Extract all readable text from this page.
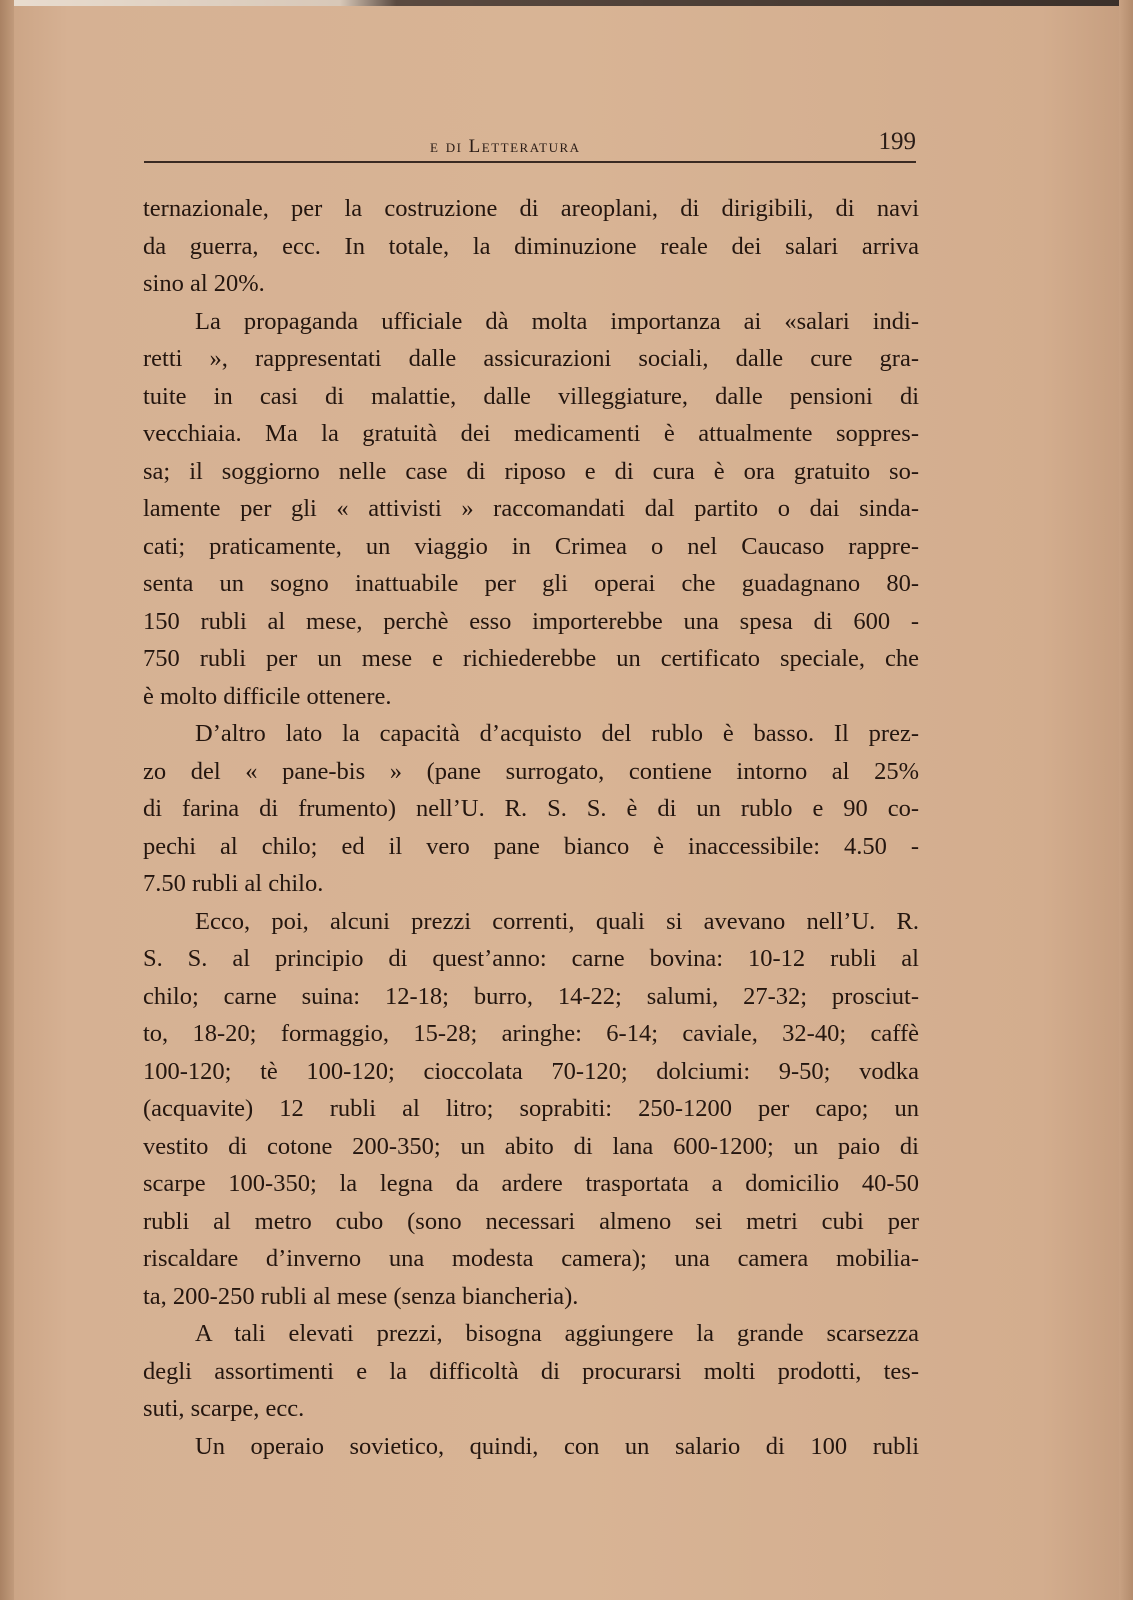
e di Letteratura	199
ternazionale, per la costruzione di areoplani, di dirigibili, di navi
da guerra, ecc. In totale, la diminuzione reale dei salari arriva
sino al 20%.
La propaganda ufficiale dà molta importanza ai «salari indi-
retti », rappresentati dalle assicurazioni sociali, dalle cure gra-
tuite in casi di malattie, dalle villeggiature, dalle pensioni di
vecchiaia. Ma la gratuità dei medicamenti è attualmente soppres-
sa; il soggiorno nelle case di riposo e di cura è ora gratuito so-
lamente per gli « attivisti » raccomandati dal partito o dai sinda-
cati; praticamente, un viaggio in Crimea o nel Caucaso rappre-
senta un sogno inattuabile per gli operai che guadagnano 80-
150 rubli al mese, perchè esso importerebbe una spesa di 600 -
750 rubli per un mese e richiederebbe un certificato speciale, che
è molto difficile ottenere.
D’altro lato la capacità d’acquisto del rublo è basso. Il prez-
zo del « pane-bis » (pane surrogato, contiene intorno al 25%
di farina di frumento) nell’U. R. S. S. è di un rublo e 90 co-
pechi al chilo; ed il vero pane bianco è inaccessibile: 4.50 -
7.50 rubli al chilo.
Ecco, poi, alcuni prezzi correnti, quali si avevano nell’U. R.
S. S. al principio di quest’anno: carne bovina: 10-12 rubli al
chilo; carne suina: 12-18; burro, 14-22; salumi, 27-32; prosciut-
to, 18-20; formaggio, 15-28; aringhe: 6-14; caviale, 32-40; caffè
100-120; tè 100-120; cioccolata 70-120; dolciumi: 9-50; vodka
(acquavite) 12 rubli al litro; soprabiti: 250-1200 per capo; un
vestito di cotone 200-350; un abito di lana 600-1200; un paio di
scarpe 100-350; la legna da ardere trasportata a domicilio 40-50
rubli al metro cubo (sono necessari almeno sei metri cubi per
riscaldare d’inverno una modesta camera); una camera mobilia-
ta, 200-250 rubli al mese (senza biancheria).
A tali elevati prezzi, bisogna aggiungere la grande scarsezza
degli assortimenti e la difficoltà di procurarsi molti prodotti, tes-
suti, scarpe, ecc.
Un operaio sovietico, quindi, con un salario di 100 rubli
